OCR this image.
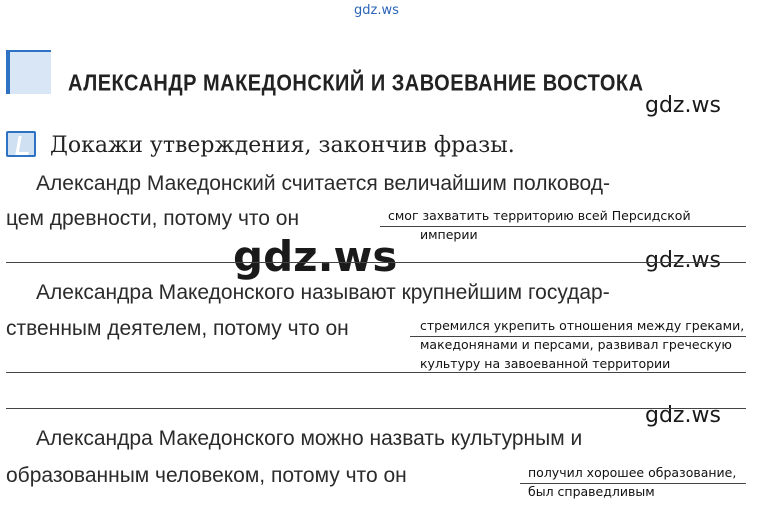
gdz.ws
gdz.ws
gdz.ws
gdz.ws
gdz.ws
АЛЕКСАНДР МАКЕДОНСКИЙ И ЗАВОЕВАНИЕ ВОСТОКА
Докажи утверждения, закончив фразы.
Александр Македонский считается величайшим полковод-
цем древности, потому что он	смог захватить территорию всей Персидской
империи
Александра Македонского называют крупнейшим государ-
ственным деятелем, потому что он	стремился укрепить отношения между греками,
македонянами и персами, развивал греческую
культуру на завоеванной территории
Александра Македонского можно назвать культурным и
образованным человеком, потому что он	получил хорошее образование,
был справедливым
